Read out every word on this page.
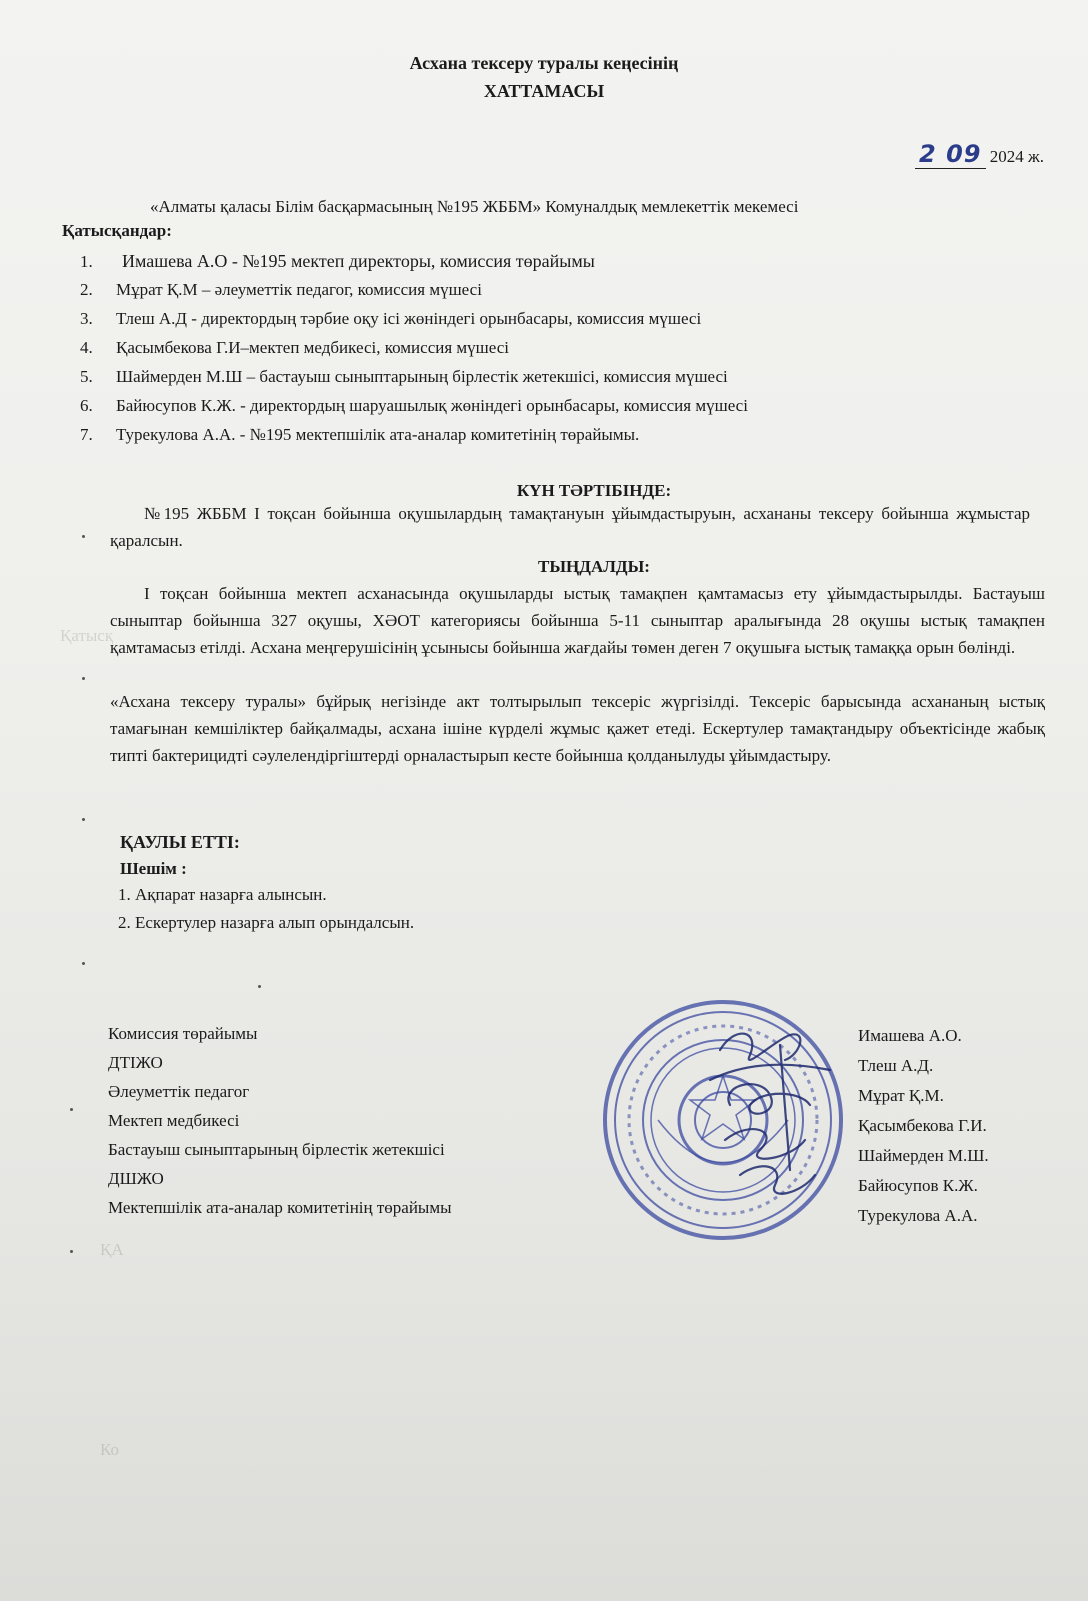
Қатысқ
ҚА
Ко
Асхана тексеру туралы кеңесінің
ХАТТАМАСЫ
2 09 2024 ж.
«Алматы қаласы Білім басқармасының №195 ЖББМ» Комуналдық мемлекеттік мекемесі
Қатысқандар:
1. Имашева А.О - №195 мектеп директоры, комиссия төрайымы
2. Мұрат Қ.М – әлеуметтік педагог, комиссия мүшесі
3. Тлеш А.Д - директордың тәрбие оқу ісі жөніндегі орынбасары, комиссия мүшесі
4. Қасымбекова Г.И–мектеп медбикесі, комиссия мүшесі
5. Шаймерден М.Ш – бастауыш сыныптарының бірлестік жетекшісі, комиссия мүшесі
6. Байюсупов К.Ж. - директордың шаруашылық жөніндегі орынбасары, комиссия мүшесі
7. Турекулова А.А. - №195 мектепшілік ата-аналар комитетінің төрайымы.
КҮН ТӘРТІБІНДЕ:
№195 ЖББМ I тоқсан бойынша оқушылардың тамақтануын ұйымдастыруын, асхананы тексеру бойынша жұмыстар қаралсын.
ТЫҢДАЛДЫ:
I тоқсан бойынша мектеп асханасында оқушыларды ыстық тамақпен қамтамасыз ету ұйымдастырылды. Бастауыш сыныптар бойынша 327 оқушы, ХӘОТ категориясы бойынша 5-11 сыныптар аралығында 28 оқушы ыстық тамақпен қамтамасыз етілді. Асхана меңгерушісінің ұсынысы бойынша жағдайы төмен деген 7 оқушыға ыстық тамаққа орын бөлінді.
«Асхана тексеру туралы» бұйрық негізінде акт толтырылып тексеріс жүргізілді. Тексеріс барысында асхананың ыстық тамағынан кемшіліктер байқалмады, асхана ішіне күрделі жұмыс қажет етеді. Ескертулер тамақтандыру объектісінде жабық типті бактерицидті сәулелендіргіштерді орналастырып кесте бойынша қолданылуды ұйымдастыру.
ҚАУЛЫ ЕТТІ:
Шешім :
1. Ақпарат назарға алынсын.
2. Ескертулер назарға алып орындалсын.
Комиссия төрайымы
ДТІЖО
Әлеуметтік педагог
Мектеп медбикесі
Бастауыш сыныптарының бірлестік жетекшісі
ДШЖО
Мектепшілік ата-аналар комитетінің төрайымы
Имашева А.О.
Тлеш А.Д.
Мұрат Қ.М.
Қасымбекова Г.И.
Шаймерден М.Ш.
Байюсупов К.Ж.
Турекулова А.А.
